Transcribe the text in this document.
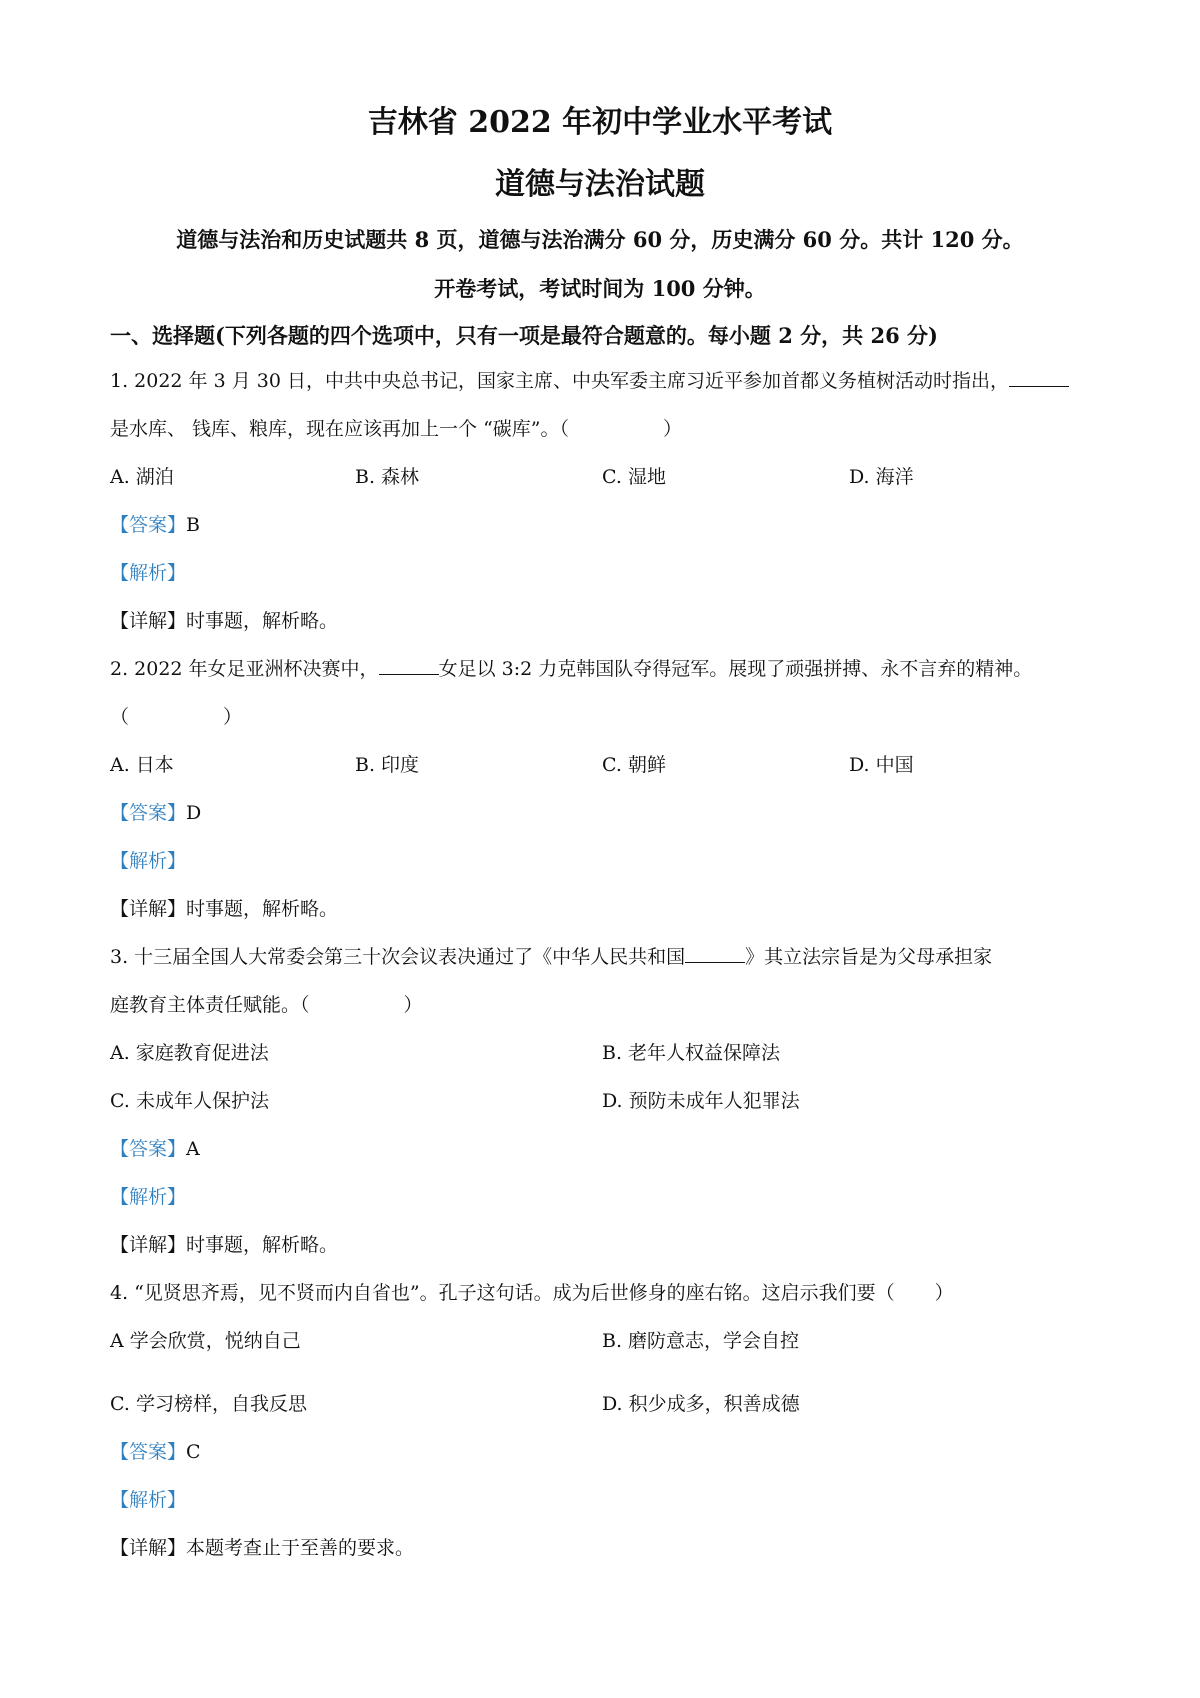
吉林省 2022 年初中学业水平考试
道德与法治试题
道德与法治和历史试题共 8 页，道德与法治满分 60 分，历史满分 60 分。共计 120 分。
开卷考试，考试时间为 100 分钟。
一、选择题(下列各题的四个选项中，只有一项是最符合题意的。每小题 2 分，共 26 分)
1. 2022 年 3 月 30 日，中共中央总书记，国家主席、中央军委主席习近平参加首都义务植树活动时指出，
是水库、 钱库、粮库，现在应该再加上一个 “碳库”。（	）
A. 湖泊	B. 森林	C. 湿地	D. 海洋
【答案】B
【解析】
【详解】时事题，解析略。
2. 2022 年女足亚洲杯决赛中，	女足以 3:2 力克韩国队夺得冠军。展现了顽强拼搏、永不言弃的精神。
（	）
A. 日本	B. 印度	C. 朝鲜	D. 中国
【答案】D
【解析】
【详解】时事题，解析略。
3. 十三届全国人大常委会第三十次会议表决通过了《中华人民共和国	》其立法宗旨是为父母承担家
庭教育主体责任赋能。（	）
A. 家庭教育促进法	B. 老年人权益保障法
C. 未成年人保护法	D. 预防未成年人犯罪法
【答案】A
【解析】
【详解】时事题，解析略。
4. “见贤思齐焉，见不贤而内自省也”。孔子这句话。成为后世修身的座右铭。这启示我们要（ ）
A 学会欣赏，悦纳自己	B. 磨防意志，学会自控
C. 学习榜样，自我反思	D. 积少成多，积善成德
【答案】C
【解析】
【详解】本题考查止于至善的要求。
